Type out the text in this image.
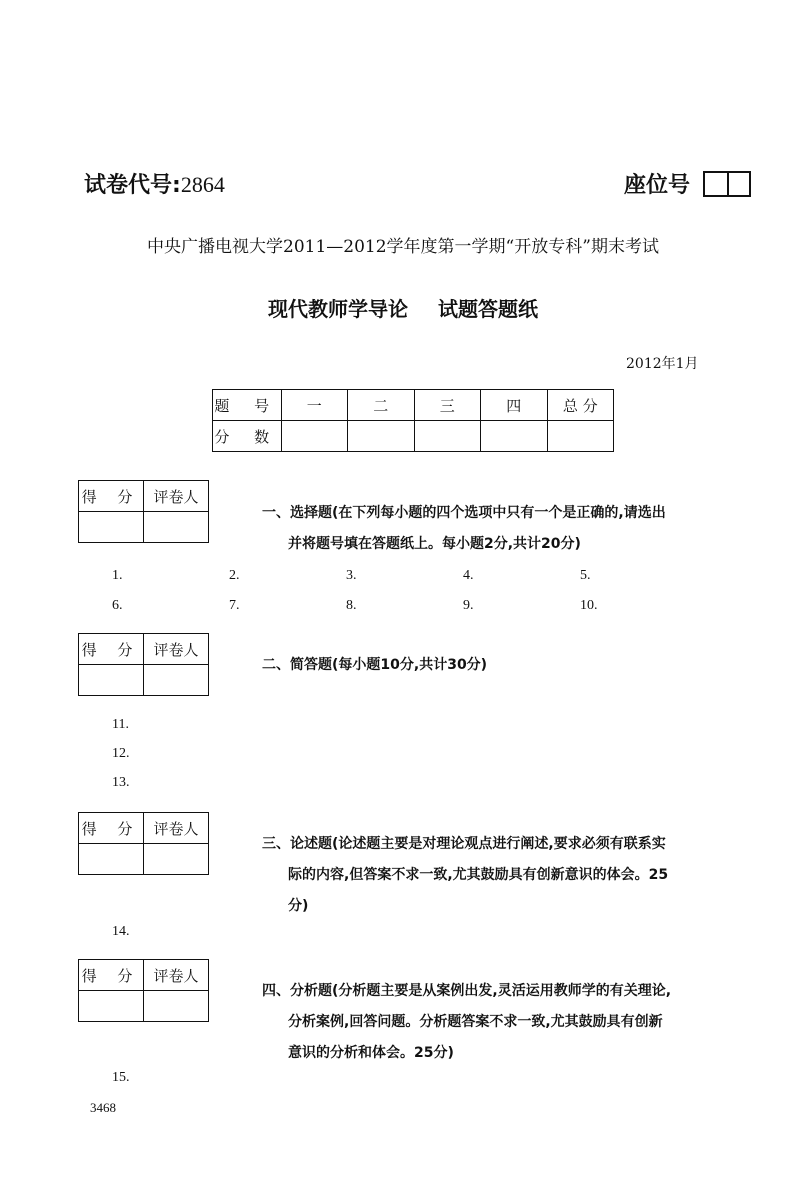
试卷代号:2864	座位号
中央广播电视大学2011—2012学年度第一学期“开放专科”期末考试
现代教师学导论 试题答题纸
2012年1月
题 号	一	二	三	四	总 分
分 数					
得 分	评卷人

一、选择题(在下列每小题的四个选项中只有一个是正确的,请选出
并将题号填在答题纸上。每小题2分,共计20分)
1.	2.	3.	4.	5.
6.	7.	8.	9.	10.
得 分	评卷人

二、简答题(每小题10分,共计30分)
11.
12.
13.
得 分	评卷人

三、论述题(论述题主要是对理论观点进行阐述,要求必须有联系实
际的内容,但答案不求一致,尤其鼓励具有创新意识的体会。25
分)
14.
得 分	评卷人

四、分析题(分析题主要是从案例出发,灵活运用教师学的有关理论,
分析案例,回答问题。分析题答案不求一致,尤其鼓励具有创新
意识的分析和体会。25分)
15.
3468
